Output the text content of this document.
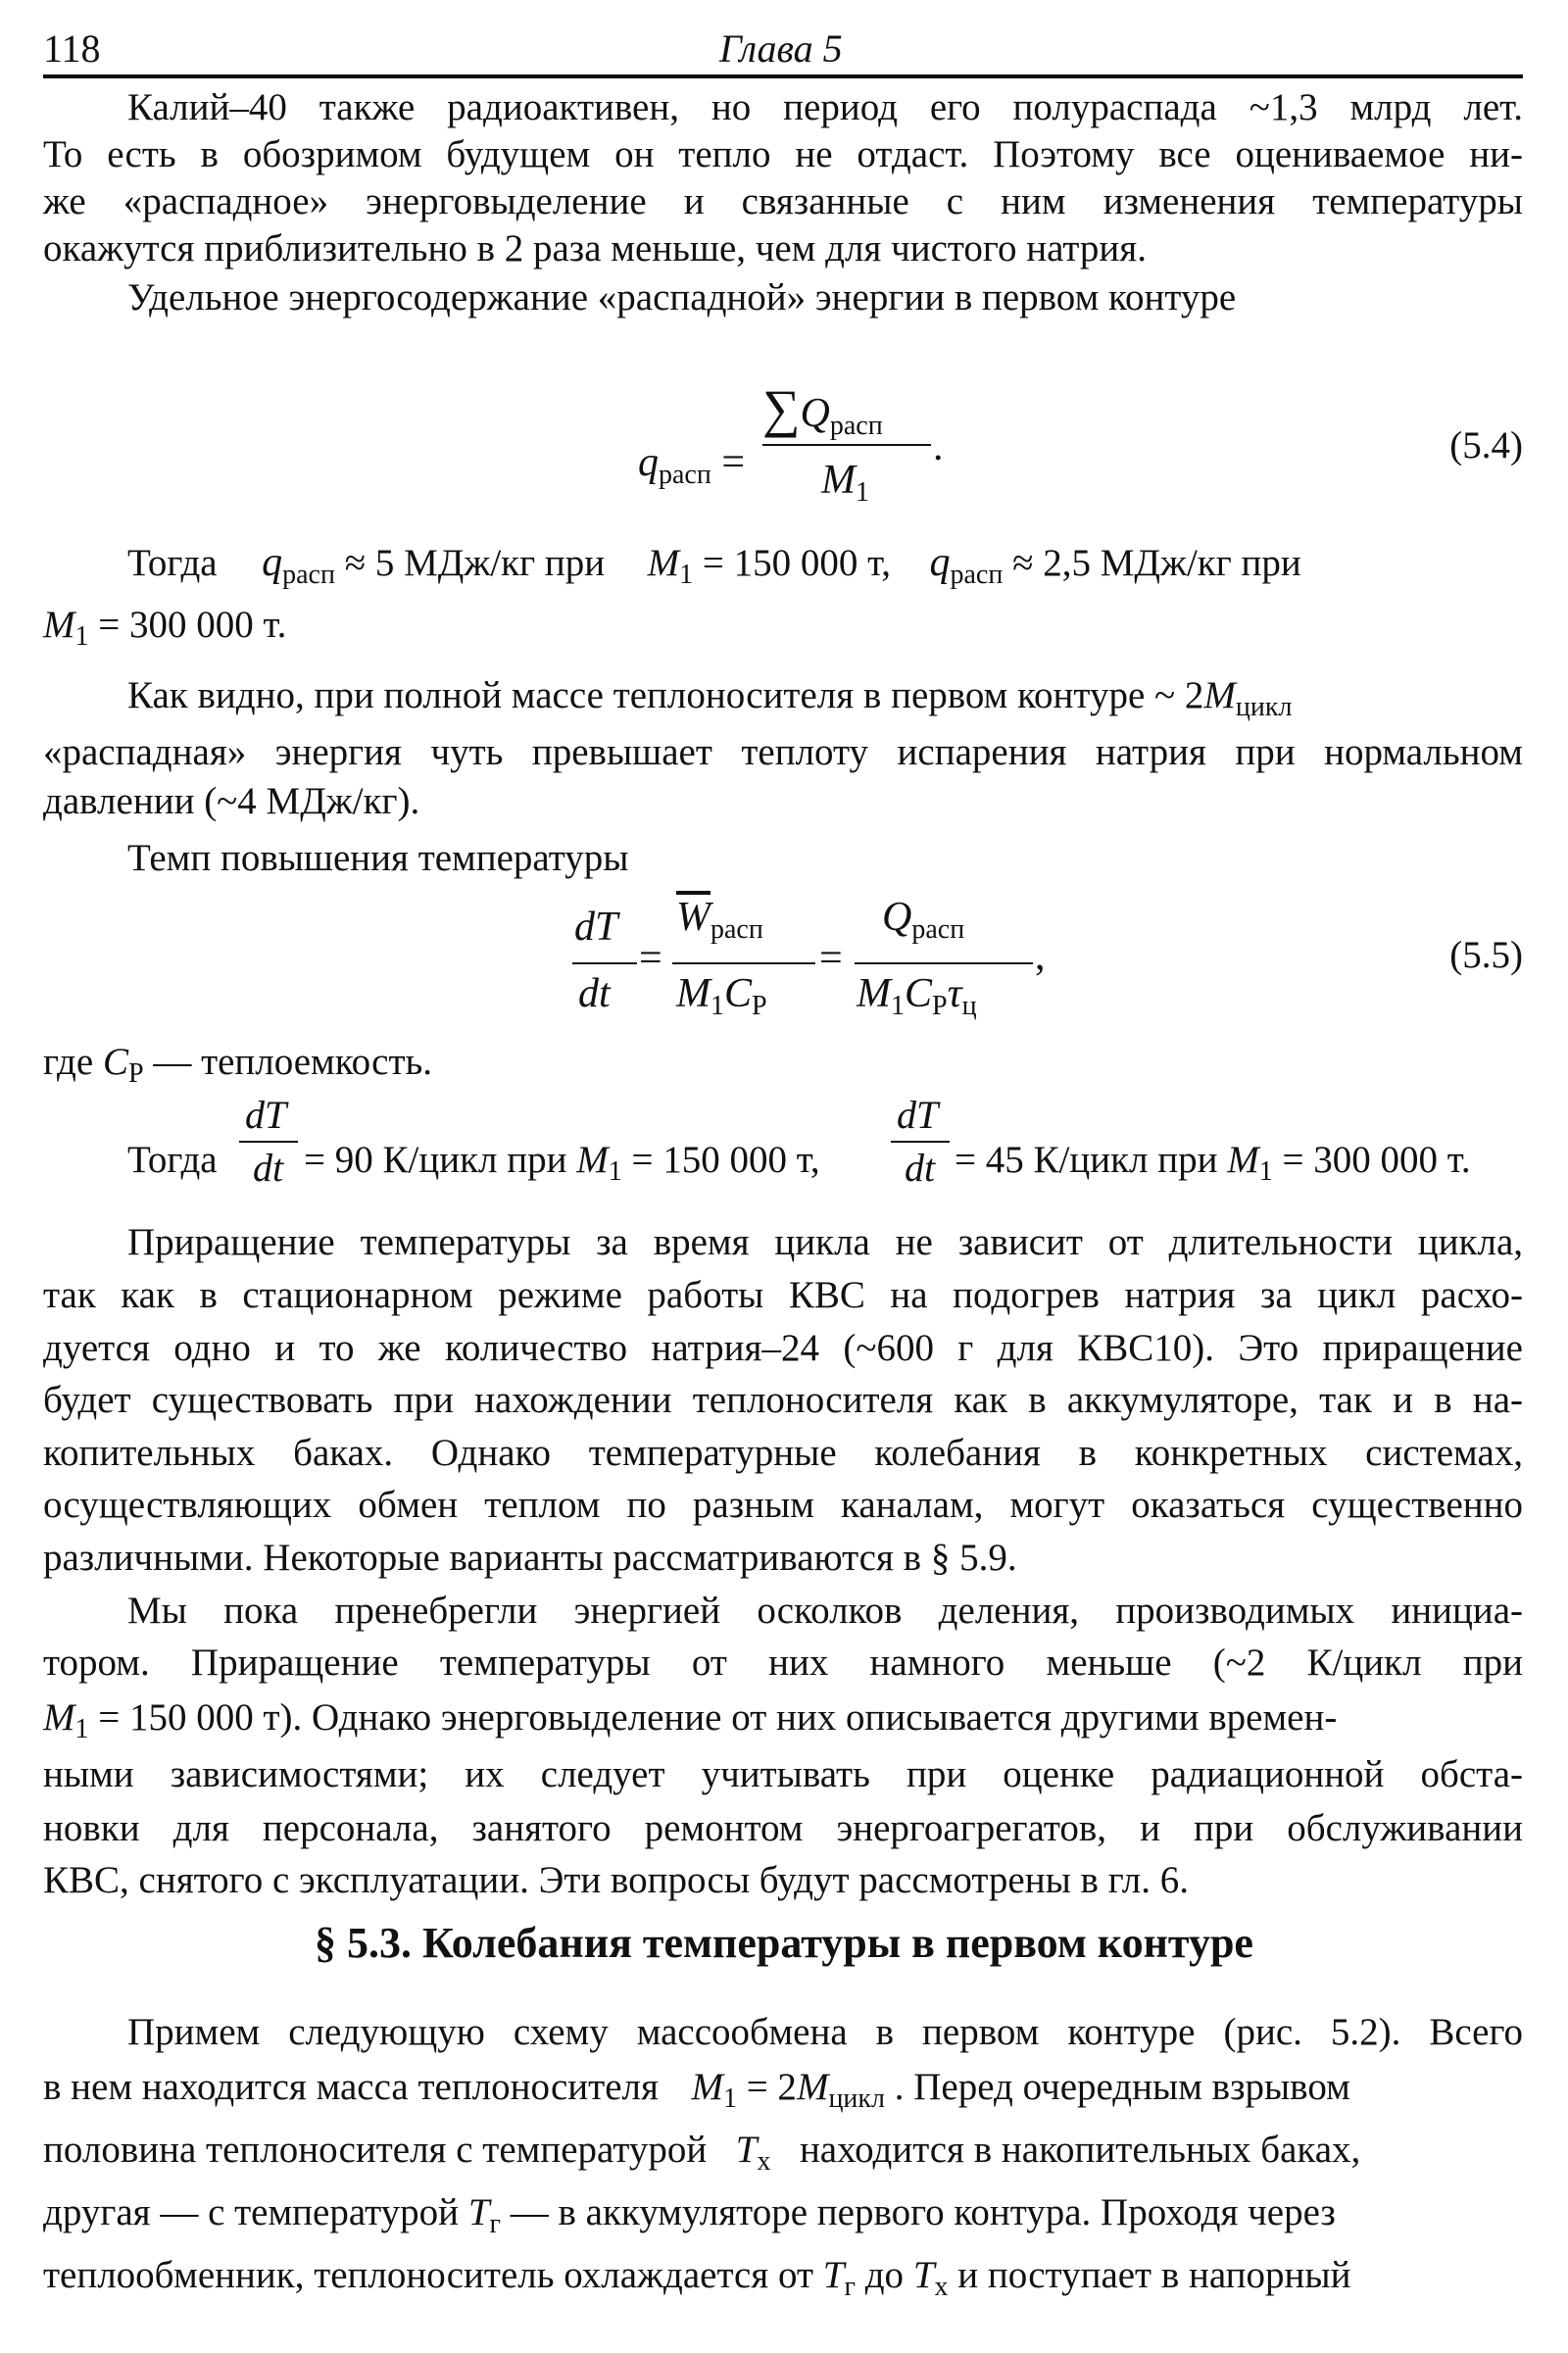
118	Глава 5
Калий–40 также радиоактивен, но период его полураспада ~1,3 млрд лет.
То есть в обозримом будущем он тепло не отдаст. Поэтому все оцениваемое ни-
же «распадное» энерговыделение и связанные с ним изменения температуры
окажутся приблизительно в 2 раза меньше, чем для чистого натрия.
Удельное энергосодержание «распадной» энергии в первом контуре
$q_{расп}$ =
$\sum Q_{расп}$
$M_1$
.	(5.4)
Тогда $q_{расп} \approx 5$ МДж/кг при $M_1 = 150$ 000 т, $q_{расп} \approx 2,5$ МДж/кг при
$M_1 = 300$ 000 т.
Как видно, при полной массе теплоносителя в первом контуре ~ $2M_{цикл}$
«распадная» энергия чуть превышает теплоту испарения натрия при нормальном
давлении (~4 МДж/кг).
Темп повышения температуры
dT
dt
=
$\overline{W}_{расп}$
$M_1C_P$
=
$Q_{расп}$
$M_1C_P\tau_ц$
,	(5.5)
где $C_P$ — теплоемкость.
Тогда
dT
dt = 90 К/цикл при $M_1 = 150$ 000 т,
dT
dt = 45 К/цикл при $M_1 = 300$ 000 т.
Приращение температуры за время цикла не зависит от длительности цикла,
так как в стационарном режиме работы КВС на подогрев натрия за цикл расхо-
дуется одно и то же количество натрия–24 (~600 г для КВС10). Это приращение
будет существовать при нахождении теплоносителя как в аккумуляторе, так и в на-
копительных баках. Однако температурные колебания в конкретных системах,
осуществляющих обмен теплом по разным каналам, могут оказаться существенно
различными. Некоторые варианты рассматриваются в § 5.9.
Мы пока пренебрегли энергией осколков деления, производимых инициа-
тором. Приращение температуры от них намного меньше (~2 К/цикл при
$M_1 = 150$ 000 т). Однако энерговыделение от них описывается другими времен-
ными зависимостями; их следует учитывать при оценке радиационной обста-
новки для персонала, занятого ремонтом энергоагрегатов, и при обслуживании
КВС, снятого с эксплуатации. Эти вопросы будут рассмотрены в гл. 6.
§ 5.3. Колебания температуры в первом контуре
Примем следующую схему массообмена в первом контуре (рис. 5.2). Всего
в нем находится масса теплоносителя $M_1 = 2M_{цикл}$ . Перед очередным взрывом
половина теплоносителя с температурой $T_х$ находится в накопительных баках,
другая — с температурой $T_г$ — в аккумуляторе первого контура. Проходя через
теплообменник, теплоноситель охлаждается от $T_г$ до $T_х$ и поступает в напорный
